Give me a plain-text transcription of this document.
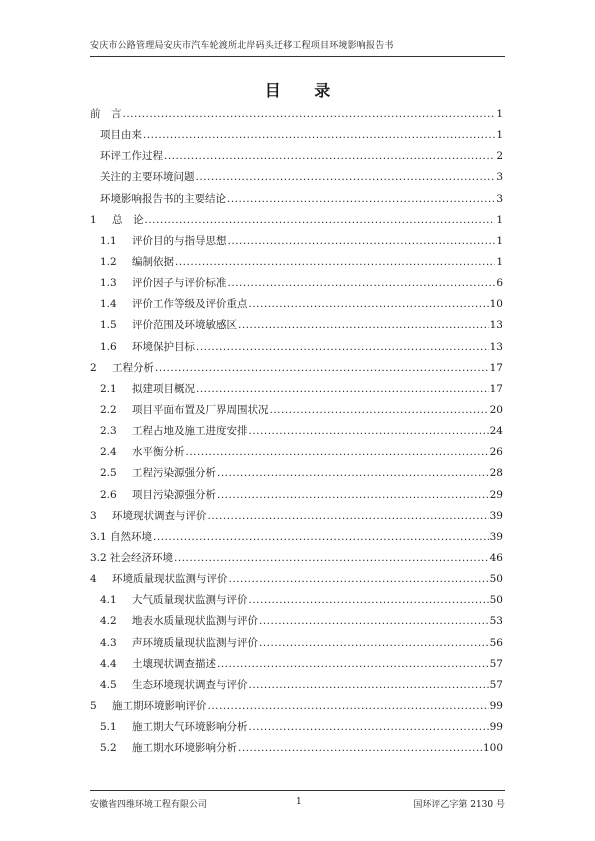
安庆市公路管理局安庆市汽车轮渡所北岸码头迁移工程项目环境影响报告书
目 录
前　言 .....	1
项目由来 .....	1
环评工作过程 .....	2
关注的主要环境问题 .....	3
环境影响报告书的主要结论 .....	3
1	总　论 .....	1
1.1	评价目的与指导思想 .....	1
1.2	编制依据 .....	1
1.3	评价因子与评价标准 .....	6
1.4	评价工作等级及评价重点 .....	10
1.5	评价范围及环境敏感区 .....	13
1.6	环境保护目标 .....	13
2	工程分析 .....	17
2.1	拟建项目概况 .....	17
2.2	项目平面布置及厂界周围状况 .....	20
2.3	工程占地及施工进度安排 .....	24
2.4	水平衡分析 .....	26
2.5	工程污染源强分析 .....	28
2.6	项目污染源强分析 .....	29
3	环境现状调查与评价 .....	39
3.1 自然环境 .....	39
3.2 社会经济环境 .....	46
4	环境质量现状监测与评价 .....	50
4.1	大气质量现状监测与评价 .....	50
4.2	地表水质量现状监测与评价 .....	53
4.3	声环境质量现状监测与评价 .....	56
4.4	土壤现状调查描述 .....	57
4.5	生态环境现状调查与评价 .....	57
5	施工期环境影响评价 .....	99
5.1	施工期大气环境影响分析 .....	99
5.2	施工期水环境影响分析 .....	100
安徽省四维环境工程有限公司	1	国环评乙字第 2130 号
